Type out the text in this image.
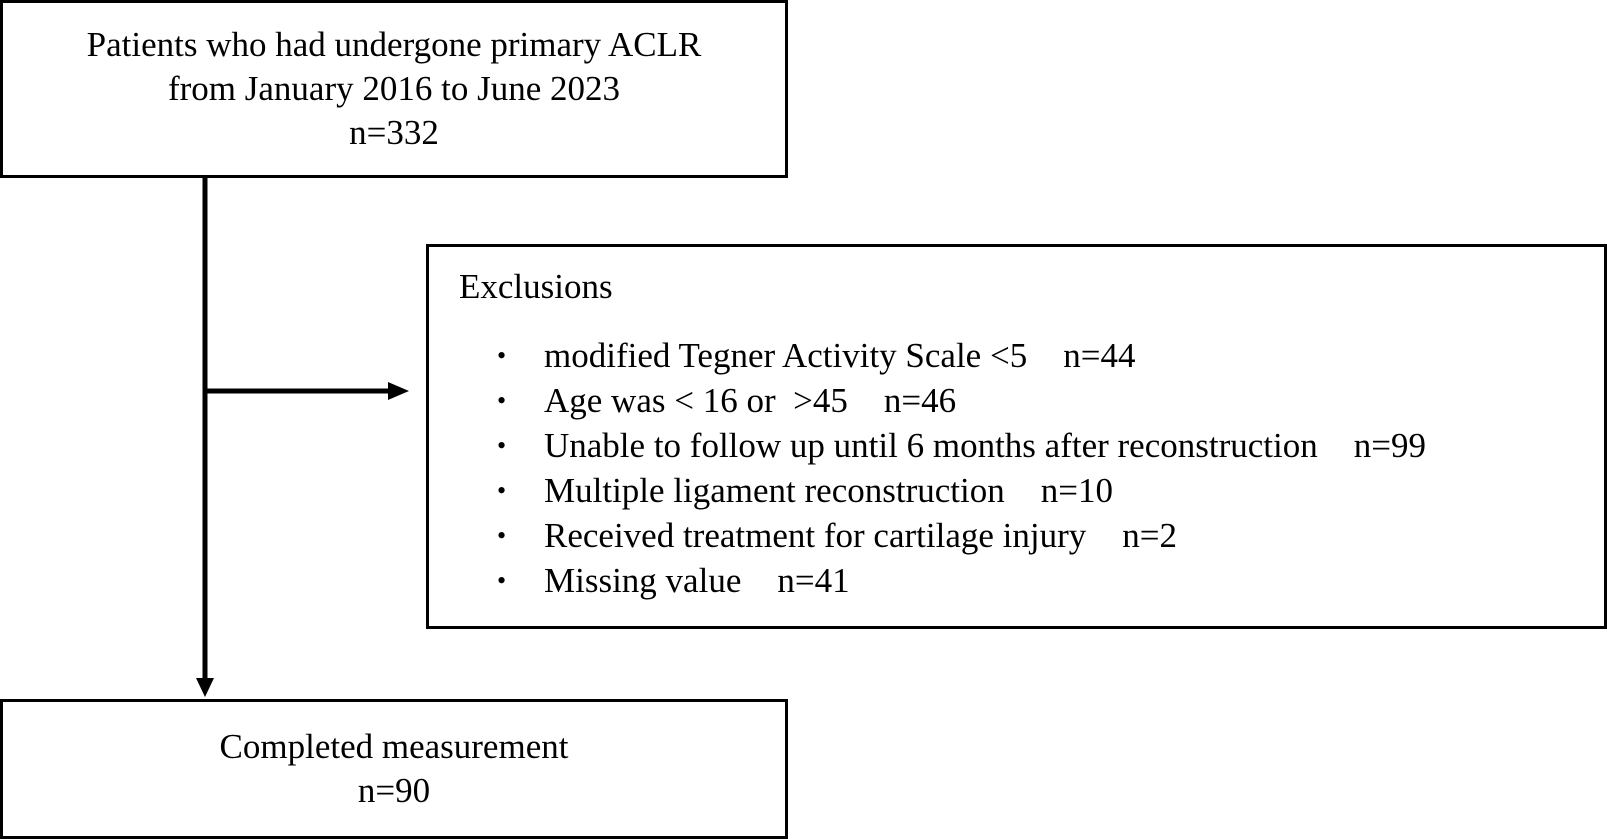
Patients who had undergone primary ACLR
from January 2016 to June 2023
n=332
Exclusions
•	modified Tegner Activity Scale <5 n=44
•	Age was < 16 or  >45 n=46
•	Unable to follow up until 6 months after reconstruction n=99
•	Multiple ligament reconstruction n=10
•	Received treatment for cartilage injury n=2
•	Missing value n=41
Completed measurement
n=90
